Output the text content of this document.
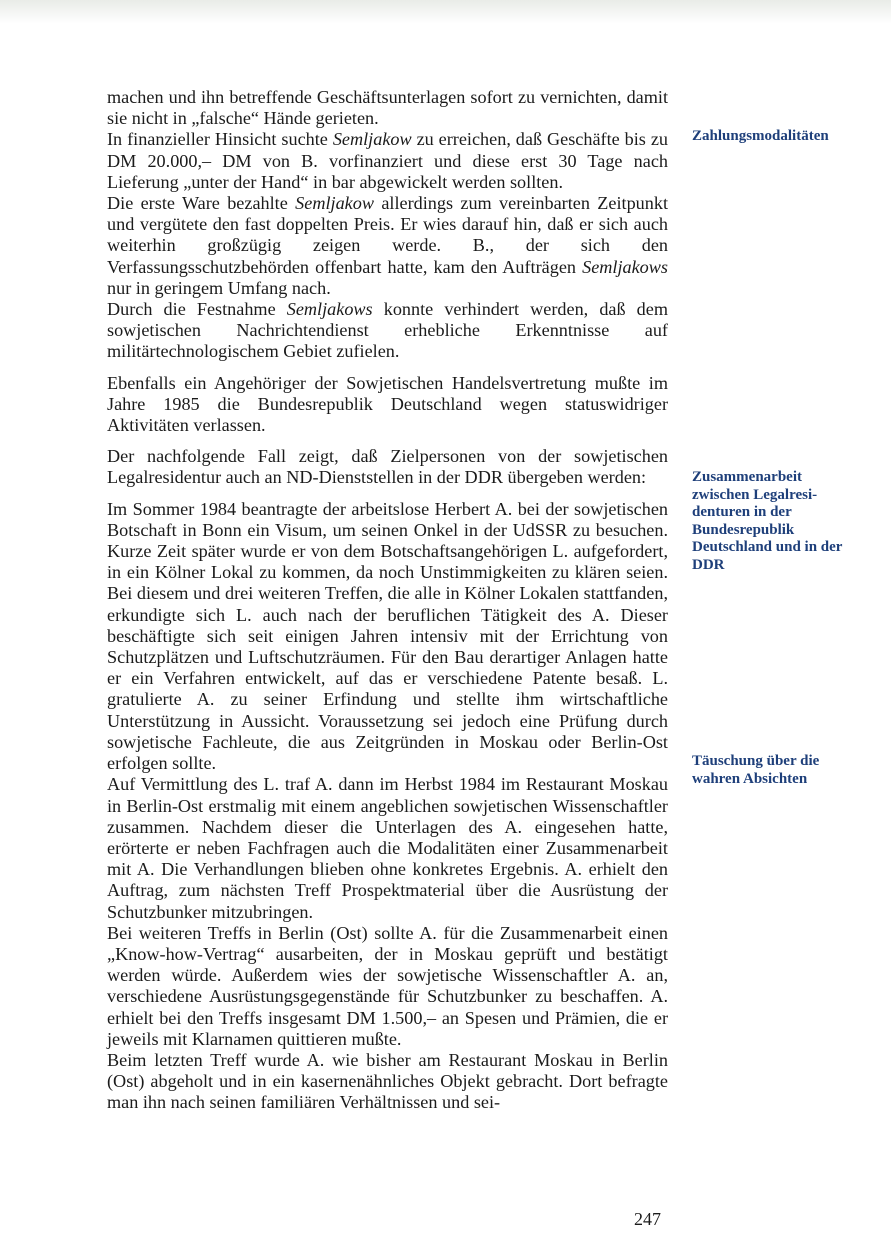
machen und ihn betreffende Geschäftsunterlagen sofort zu vernichten, damit sie nicht in „falsche“ Hände gerieten.

In finanzieller Hinsicht suchte Semljakow zu erreichen, daß Geschäfte bis zu DM 20.000,– DM von B. vorfinanziert und diese erst 30 Tage nach Lieferung „unter der Hand“ in bar abgewickelt werden sollten.

Die erste Ware bezahlte Semljakow allerdings zum vereinbarten Zeitpunkt und vergütete den fast doppelten Preis. Er wies darauf hin, daß er sich auch weiterhin großzügig zeigen werde. B., der sich den Verfassungsschutzbehörden offenbart hatte, kam den Aufträgen Semljakows nur in geringem Umfang nach.

Durch die Festnahme Semljakows konnte verhindert werden, daß dem sowjetischen Nachrichtendienst erhebliche Erkenntnisse auf militärtechnologischem Gebiet zufielen.

Ebenfalls ein Angehöriger der Sowjetischen Handelsvertretung mußte im Jahre 1985 die Bundesrepublik Deutschland wegen statuswidriger Aktivitäten verlassen.

Der nachfolgende Fall zeigt, daß Zielpersonen von der sowjetischen Legalresidentur auch an ND-Dienststellen in der DDR übergeben werden:

Im Sommer 1984 beantragte der arbeitslose Herbert A. bei der sowjetischen Botschaft in Bonn ein Visum, um seinen Onkel in der UdSSR zu besuchen. Kurze Zeit später wurde er von dem Botschaftsangehörigen L. aufgefordert, in ein Kölner Lokal zu kommen, da noch Unstimmigkeiten zu klären seien. Bei diesem und drei weiteren Treffen, die alle in Kölner Lokalen stattfanden, erkundigte sich L. auch nach der beruflichen Tätigkeit des A. Dieser beschäftigte sich seit einigen Jahren intensiv mit der Errichtung von Schutzplätzen und Luftschutzräumen. Für den Bau derartiger Anlagen hatte er ein Verfahren entwickelt, auf das er verschiedene Patente besaß. L. gratulierte A. zu seiner Erfindung und stellte ihm wirtschaftliche Unterstützung in Aussicht. Voraussetzung sei jedoch eine Prüfung durch sowjetische Fachleute, die aus Zeitgründen in Moskau oder Berlin-Ost erfolgen sollte.

Auf Vermittlung des L. traf A. dann im Herbst 1984 im Restaurant Moskau in Berlin-Ost erstmalig mit einem angeblichen sowjetischen Wissenschaftler zusammen. Nachdem dieser die Unterlagen des A. eingesehen hatte, erörterte er neben Fachfragen auch die Modalitäten einer Zusammenarbeit mit A. Die Verhandlungen blieben ohne konkretes Ergebnis. A. erhielt den Auftrag, zum nächsten Treff Prospektmaterial über die Ausrüstung der Schutzbunker mitzubringen.

Bei weiteren Treffs in Berlin (Ost) sollte A. für die Zusammenarbeit einen „Know-how-Vertrag“ ausarbeiten, der in Moskau geprüft und bestätigt werden würde. Außerdem wies der sowjetische Wissenschaftler A. an, verschiedene Ausrüstungsgegenstände für Schutzbunker zu beschaffen. A. erhielt bei den Treffs insgesamt DM 1.500,– an Spesen und Prämien, die er jeweils mit Klarnamen quittieren mußte.

Beim letzten Treff wurde A. wie bisher am Restaurant Moskau in Berlin (Ost) abgeholt und in ein kasernenähnliches Objekt gebracht. Dort befragte man ihn nach seinen familiären Verhältnissen und sei-

Zahlungsmodalitäten
Zusammenarbeit zwischen Legalresi-denturen in der Bundesrepublik Deutschland und in der DDR
Täuschung über die wahren Absichten
247
